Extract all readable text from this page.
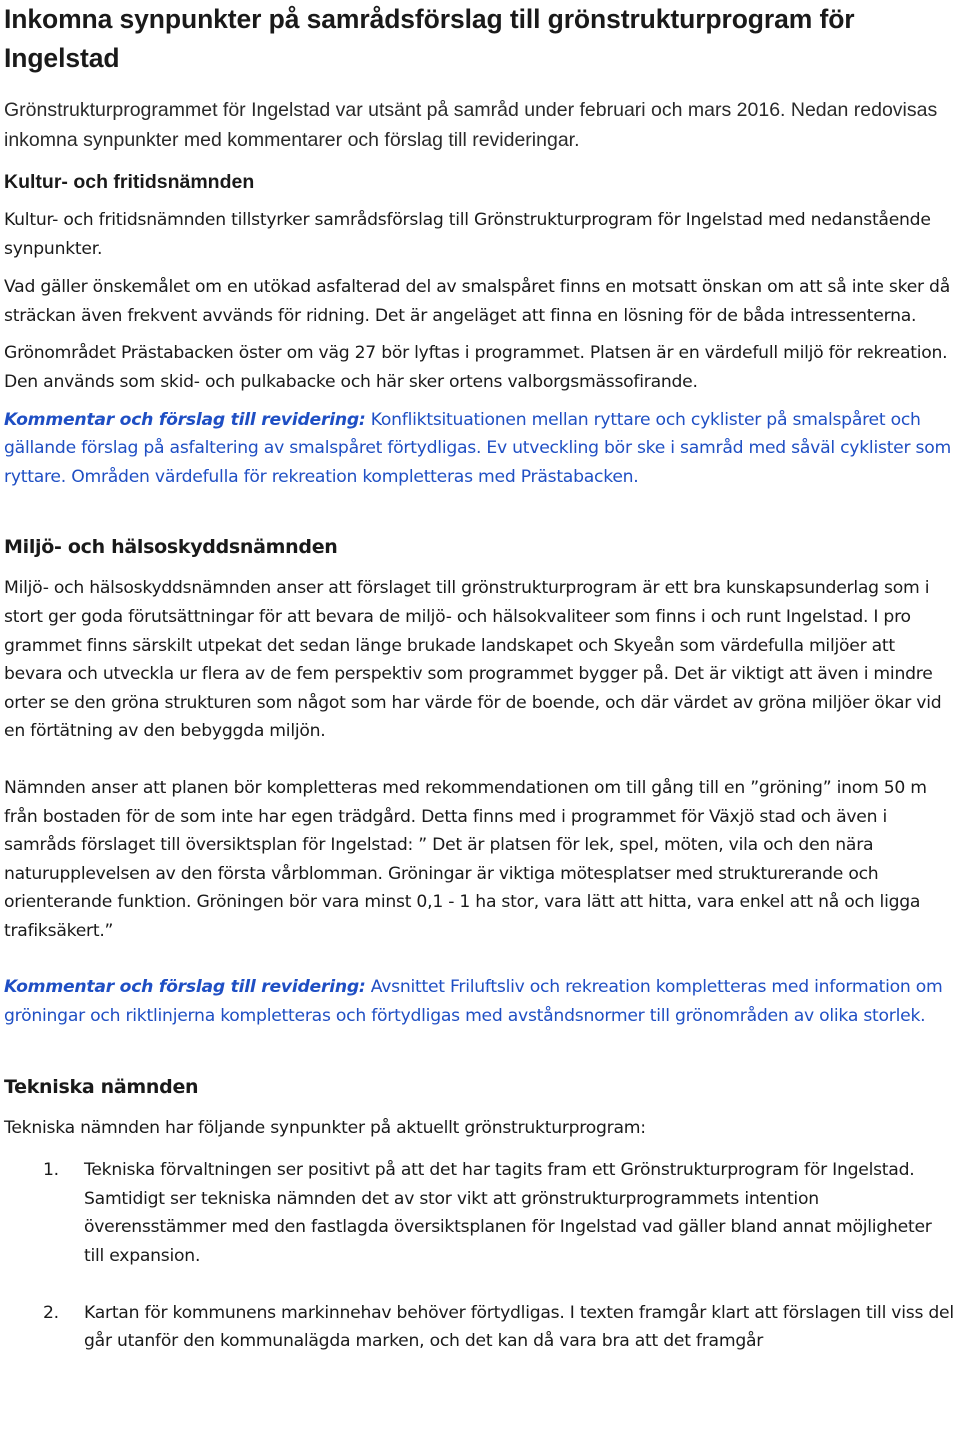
Inkomna synpunkter på samrådsförslag till grönstrukturprogram för Ingelstad

Grönstrukturprogrammet för Ingelstad var utsänt på samråd under februari och mars 2016. Nedan redovisas inkomna synpunkter med kommentarer och förslag till revideringar.

Kultur- och fritidsnämnden

Kultur- och fritidsnämnden tillstyrker samrådsförslag till Grönstrukturprogram för Ingelstad med nedanstående synpunkter.

Vad gäller önskemålet om en utökad asfalterad del av smalspåret finns en motsatt önskan om att så inte sker då sträckan även frekvent avvänds för ridning. Det är angeläget att finna en lösning för de båda intressenterna.

Grönområdet Prästabacken öster om väg 27 bör lyftas i programmet. Platsen är en värdefull miljö för rekreation. Den används som skid- och pulkabacke och här sker ortens valborgsmässofirande.

Kommentar och förslag till revidering: Konfliktsituationen mellan ryttare och cyklister på smalspåret och gällande förslag på asfaltering av smalspåret förtydligas. Ev utveckling bör ske i samråd med såväl cyklister som ryttare. Områden värdefulla för rekreation kompletteras med Prästabacken.

Miljö- och hälsoskyddsnämnden

Miljö- och hälsoskyddsnämnden anser att förslaget till grönstrukturprogram är ett bra kunskapsunderlag som i stort ger goda förutsättningar för att bevara de miljö- och hälsokvaliteer som finns i och runt Ingelstad. I pro grammet finns särskilt utpekat det sedan länge brukade landskapet och Skyeån som värdefulla miljöer att bevara och utveckla ur flera av de fem perspektiv som programmet bygger på. Det är viktigt att även i mindre orter se den gröna strukturen som något som har värde för de boende, och där värdet av gröna miljöer ökar vid en förtätning av den bebyggda miljön.

Nämnden anser att planen bör kompletteras med rekommendationen om till gång till en ”gröning” inom 50 m från bostaden för de som inte har egen trädgård. Detta finns med i programmet för Växjö stad och även i samråds förslaget till översiktsplan för Ingelstad: ” Det är platsen för lek, spel, möten, vila och den nära naturupplevelsen av den första vårblomman. Gröningar är viktiga mötesplatser med strukturerande och orienterande funktion. Gröningen bör vara minst 0,1 - 1 ha stor, vara lätt att hitta, vara enkel att nå och ligga trafiksäkert.”

Kommentar och förslag till revidering: Avsnittet Friluftsliv och rekreation kompletteras med information om gröningar och riktlinjerna kompletteras och förtydligas med avståndsnormer till grönområden av olika storlek.

Tekniska nämnden

Tekniska nämnden har följande synpunkter på aktuellt grönstrukturprogram:

1. Tekniska förvaltningen ser positivt på att det har tagits fram ett Grönstrukturprogram för Ingelstad. Samtidigt ser tekniska nämnden det av stor vikt att grönstrukturprogrammets intention överensstämmer med den fastlagda översiktsplanen för Ingelstad vad gäller bland annat möjligheter till expansion.
2. Kartan för kommunens markinnehav behöver förtydligas. I texten framgår klart att förslagen till viss del går utanför den kommunalägda marken, och det kan då vara bra att det framgår
